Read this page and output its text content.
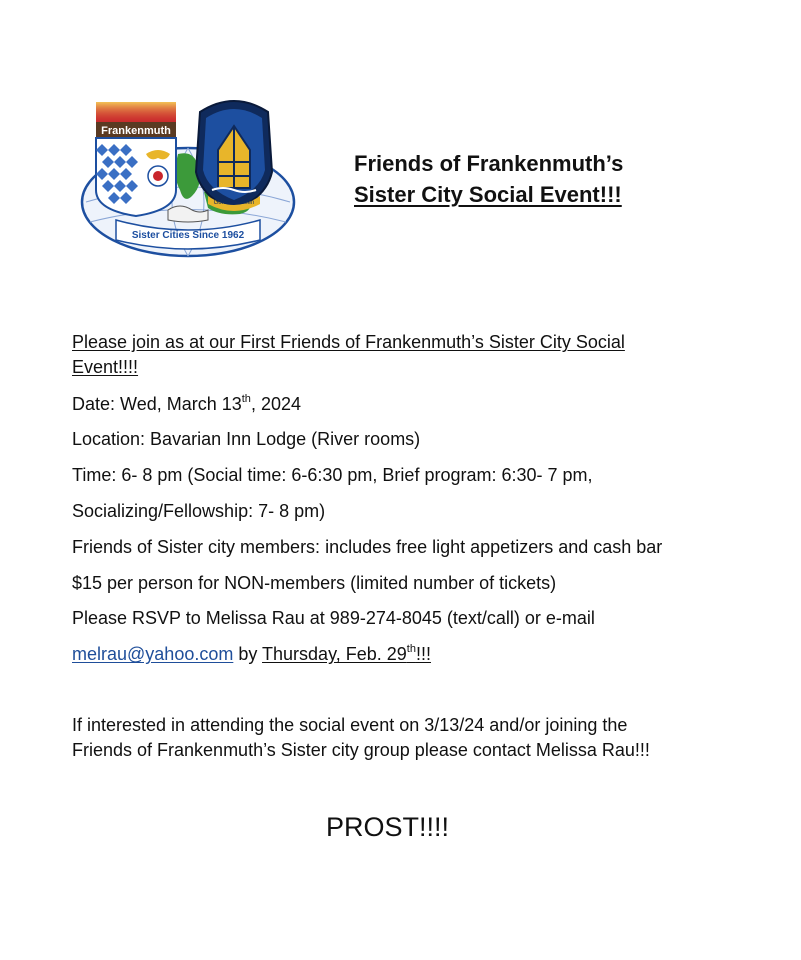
Frankenmuth
Gunzenhausen
Sister Cities Since 1962
Friends of Frankenmuth’s
Sister City Social Event!!!
Please join as at our First Friends of Frankenmuth’s Sister City Social
Event!!!!
Date: Wed, March 13th, 2024
Location: Bavarian Inn Lodge (River rooms)
Time: 6- 8 pm (Social time: 6-6:30 pm, Brief program: 6:30- 7 pm,
Socializing/Fellowship: 7- 8 pm)
Friends of Sister city members: includes free light appetizers and cash bar
$15 per person for NON-members (limited number of tickets)
Please RSVP to Melissa Rau at 989-274-8045 (text/call) or e-mail
melrau@yahoo.com by Thursday, Feb. 29th!!!
If interested in attending the social event on 3/13/24 and/or joining the
Friends of Frankenmuth’s Sister city group please contact Melissa Rau!!!
PROST!!!!
